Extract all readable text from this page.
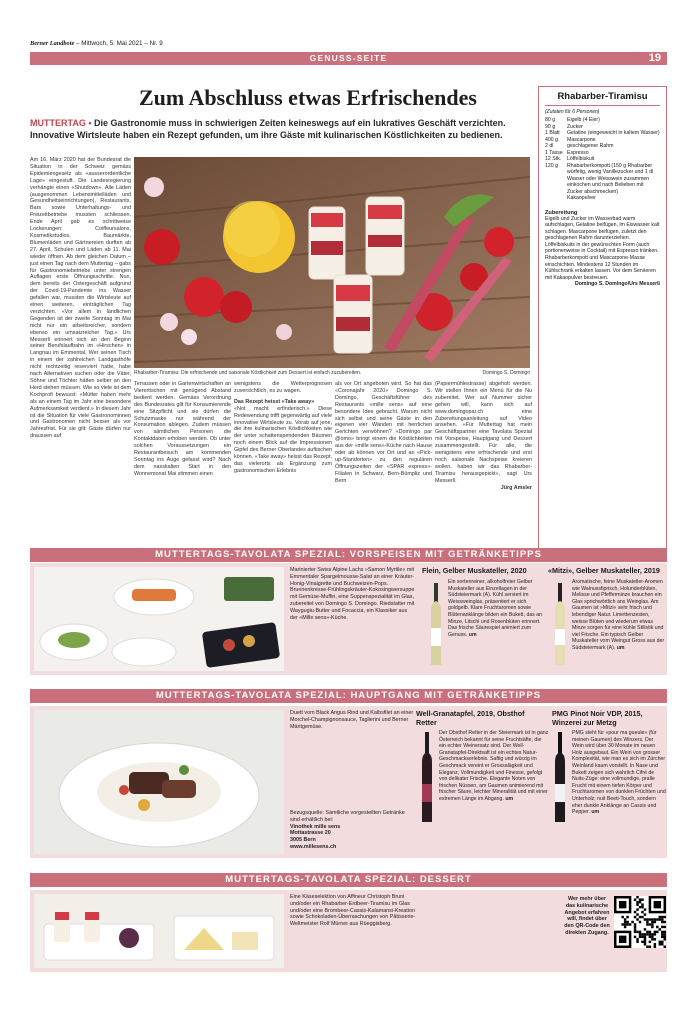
Berner Landbote – Mittwoch, 5. Mai 2021 – Nr. 9
GENUSS-SEITE	19
Zum Abschluss etwas Erfrischendes
MUTTERTAG • Die Gastronomie muss in schwierigen Zeiten keineswegs auf ein lukratives Geschäft verzichten. Innovative Wirtsleute haben ein Rezept gefunden, um ihre Gäste mit kulinarischen Köstlichkeiten zu bedienen.
Am 16. März 2020 hat der Bundesrat die Situation in der Schweiz gemäss Epidemiengesetz als «ausserordentliche Lage» eingestuft. Die Landesregierung verhängte einen «Shutdown». Alle Läden (ausgenommen Lebensmittelläden und Gesundheitseinrichtungen), Restaurants, Bars sowie Unterhaltungs- und Freizeitbetriebe mussten schliessen. Ende April gab es schrittweise Lockerungen: Coiffeursalons, Kosmetikstudios, Baumärkte, Blumenläden und Gärtnereien durften ab 27. April, Schulen und Läden ab 11. Mai wieder öffnen. Ab dem gleichen Datum – just einen Tag nach dem Muttertag – gabs für Gastronomiebetriebe unter strengen Auflagen erste Öffnungsschritte. Nun, dem bereits der Ostergeschäft aufgrund der Covid-19-Pandemie ins Wasser gefallen war, mussten die Wirtsleute auf einen weiteren, einträglichen Tag verzichten. «Vor allem in ländlichen Gegenden ist der zweite Sonntag im Mai nicht nur ein arbeitsreicher, sondern ebenso ein umsatzreicher Tag.» Urs Messerli erinnert sich an den Beginn seiner Berufslaufbahn im «Hirschen» in Langnau im Emmental. Wer seinen Tisch in einem der zahlreichen Landgasthöfe nicht rechtzeitig reserviert hatte, habe nach Alternativen suchen oder die Väter, Söhne und Töchter hätten selber an den Herd stehen müssen. Wie so viele ist dem Kochprofi bewusst: «Mütter haben mehr als an einem Tag im Jahr eine besondere Aufmerksamkeit verdient.» In diesem Jahr ist die Situation für viele Gastronominnen und Gastronomen nicht besser als vor Jahresfrist. Für sie gilt: Gäste dürfen nur draussen auf
Rhabarber-Tiramisu: Die erfrischende und saisonale Köstlichkeit zum Dessert ist einfach zuzubereiten.	Domingo S. Domingo
Terrassen oder in Gartenwirtschaften an Vierertischen mit genügend Abstand bedient werden. Gemäss Verordnung des Bundesrates gilt für Konsumierende eine Sitzpflicht und sie dürfen die Schutzmaske nur während der Konsumation ablegen. Zudem müssen von sämtlichen Personen die Kontaktdaten erhoben werden. Ob unter solchen Voraussetzungen ein Restaurantbesuch am kommenden Sonntag ins Auge gefasst wird? Nach dem nasskalten Start in den Wonnemonat Mai stimmen einen

wenigstens die Wetterprognosen zuversichtlich, es zu wagen.

Das Rezept heisst «Take away»

«Not macht erfinderisch.» Diese Redewendung trifft gegenwärtig auf viele innovative Wirtsleute zu. Vorab auf jene, die ihre kulinarischen Köstlichkeiten wie der unter schattenspendenden Bäumen noch einem Blick auf die Impressionen Gipfel des Berner Oberlandes auftischen können. «Take away» heisst das Rezept, das vielerorts als Ergänzung zum gastronomischen Erlebnis

als vor Ort angeboten wird. So hat das «Coronajahr 2020» Domingo S. Domingo, Geschäftsführer des Restaurants «mille sens» auf eine besondere Idee gebracht. Warum nicht sich selbst und seine Gäste in den eigenen vier Wänden mit herrlichen Gerichten verwöhnen? «Domingo par @omo» bringt einem die Köstlichkeiten aus der «mille sens»-Küche nach Hause oder ab können vor Ort und an «Pick-up-Standorten» zu den regulären Öffnungszeiten der «SPAR express»-Filialen in Schwarz, Bern-Bümpliz und Bern

(Papiermühlestrasse) abgeholt werden. Wir stellen Ihnen ein Menü für die Nu zubereitet. Wer auf Nummer sicher gehen will, kann sich auf www.domingopar.ch eine Zubereitungsanleitung auf Video ansehen. «Für Muttertag hat mein Geschäftspartner eine Tavolata Spezial mit Vorspeise, Hauptgang und Dessert zusammengestellt. Für alle, die wenigstens eine erfrischende und erst noch saisonale Nachspeise kreieren wollen, haben wir das Rhabarber-Tiramisu herausgepickt», sagt Urs Messerli.

Jürg Amsler

Rhabarber-Tiramisu
(Zutaten für 6 Personen)
80 g	Eigelb (4 Eier)
90 g	Zucker
1 Blatt	Gelatine (eingeweicht in kaltem Wasser)
400 g	Mascarpone
2 dl	geschlagener Rahm
1 Tasse Espresso
12 Stk.	Löffelbiskuit
120 g	Rhabarberkompott (150 g Rhabarber würfelig, wenig Vanillezucker und 1 dl Wasser oder Weisswein zusammen einkochen und nach Belieben mit Zucker abschmecken)
Kakaopulver
Zubereitung
Eigelb und Zucker im Wasserbad warm aufschlagen, Gelatine beifügen, im Eiswasser kalt schlagen. Mascarpone beifügen, zuletzt den geschlagenen Rahm darunterziehen. Löffelbiskuits in der gewünschten Form (auch portionenweise in Cocktail) mit Espresso tränken. Rhabarberkompott und Mascarpone-Masse einschichten. Mindestens 12 Stunden im Kühlschrank erkalten lassen. Vor dem Servieren mit Kakaopulver bestreuen.
Domingo S. Domingo/Urs Messerli
MUTTERTAGS-TAVOLATA SPEZIAL: VORSPEISEN MIT GETRÄNKETIPPS
Marinierter Swiss Alpine Lachs »Samon Myrtile« mit Emmentaler Spargelmousse-Salat an einer Kräuter-Honig-Vinaigrette und Buchweizen-Pops. Brunnenkresse-Frühlingskräuter-Kokosingwersuppe mit Gemüse-Muffin, eine Suppenspezialität im Glas, zubereitet von Domingo S. Domingo. Riedstatter mit Waygugiu-Butter und Focaccia, ein Klassiker aus der «Mille sens»-Küche.
Flein, Gelber Muskateller, 2020
Ein sortenreiner, alkoholfreier Gelber Muskateller aus Einzellagen in der Südsteiermark (A). Kühl serviert im Weissweinglas, präsentiert er sich goldgelb. Klare Fruchtaromen sowie Blütenanklänge bilden ein Bukett, das an Minze, Litschi und Rosenblüten erinnert. Das frische Säurespiel animiert zum Genuss. um
«Mitzi», Gelber Muskateller, 2019
Aromatische, feine Muskateller-Aromen wie Walnussfiprisch, Holunderblüten, Melisse und Pfefferminze brauchen ein Glas sprichwörtlich ans Weinglas. Am Gaumen ist »Mitzi« sehr frisch und lebendiger Natur. Limettenzesten, weisse Blüten und wiederum etwas Minze sorgen für eine kühle Stilistik und viel Frische. Ein typisch Gelber Muskateller vom Weingut Gross aus der Südsteiermark (A). um
MUTTERTAGS-TAVOLATA SPEZIAL: HAUPTGANG MIT GETRÄNKETIPPS
Duett vom Black Angus Rind und Kalbsfilet an einer Morchel-Champignonsauce, Taglierini und Berner Märitgemüse.
Bezugsquelle: Sämtliche vorgestellten Getränke sind erhältlich bei:
Vinothek mille sens
Mottastrasse 20
3005 Bern
www.millesens.ch
Well-Granatapfel, 2019, Obsthof Retter
Der Obsthof Retter in der Steiermark ist in ganz Österreich bekannt für seine Fruchtsäfte, die ein echter Weinersatz sind. Der Well-Granatapfel-Direktsaft ist ein echtes Natur-Geschmackserlebnis. Saftig und würzig im Geschmack vereint er Grossalägkeit und Eleganz, Vollmundigkeit und Finesse, gefolgt von delikater Frische. Elegante Noten von frischen Nüssen, am Gaumen animierend mit frischer Säure, leichter Mineralität und mit einer extremen Länge im Abgang. um
PMG Pinot Noir VDP, 2015, Winzerei zur Metzg
PMG steht für «pour ma gueule» (für meinen Gaumen) des Winzers. Der Wein wird über 30 Monate im neuen Holz ausgebaut. Ein Wein von grosser Komplexität, wie man es sich im Zürcher Weinland kaum vorstellt. In Nase und Bukett zeigen sich wahrlich Cifré de Nuits-Züge: eine vollmundige, pralle Frucht mit einem tiefen Körper und Fruchtaromen von dunklen Früchten und Unterholz; nuit Beeti-Touch, sondern eher dunkle Anklänge an Cassis und Pepper. um
MUTTERTAGS-TAVOLATA SPEZIAL: DESSERT
Eine Käseselektion von Affineur Christoph Bruni und/oder ein Rhabarber-Erdbeer-Tiramisu im Glas und/oder eine Brombeer-Cassis-Kalamansi-Kreation sowie Schokoladen-Überraschungen von Pâtisserie-Weltmeister Rolf Mürner aus Rüeggisberg.
Wer mehr über das kulinarische Angebot erfahren will, findet über den QR-Code den direkten Zugang.
